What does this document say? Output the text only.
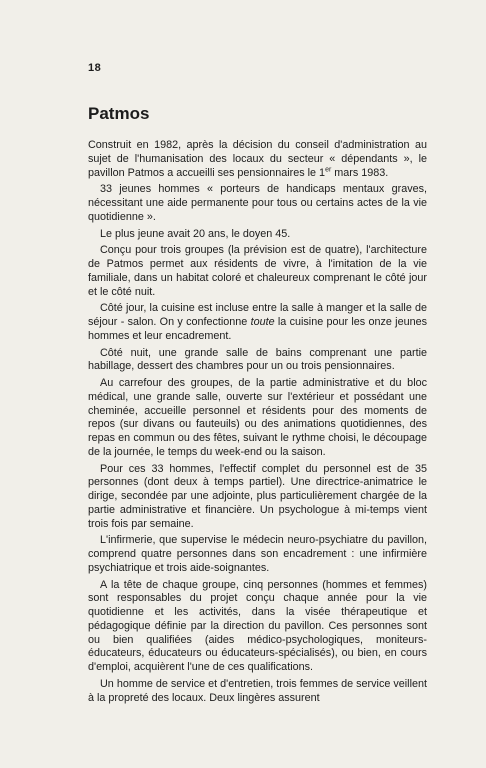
18
Patmos

Construit en 1982, après la décision du conseil d'administration au sujet de l'humanisation des locaux du secteur « dépendants », le pavillon Patmos a accueilli ses pensionnaires le 1er mars 1983.

33 jeunes hommes « porteurs de handicaps mentaux graves, nécessitant une aide permanente pour tous ou certains actes de la vie quotidienne ».

Le plus jeune avait 20 ans, le doyen 45.

Conçu pour trois groupes (la prévision est de quatre), l'architecture de Patmos permet aux résidents de vivre, à l'imitation de la vie familiale, dans un habitat coloré et chaleureux comprenant le côté jour et le côté nuit.

Côté jour, la cuisine est incluse entre la salle à manger et la salle de séjour - salon. On y confectionne toute la cuisine pour les onze jeunes hommes et leur encadrement.

Côté nuit, une grande salle de bains comprenant une partie habillage, dessert des chambres pour un ou trois pensionnaires.

Au carrefour des groupes, de la partie administrative et du bloc médical, une grande salle, ouverte sur l'extérieur et possédant une cheminée, accueille personnel et résidents pour des moments de repos (sur divans ou fauteuils) ou des animations quotidiennes, des repas en commun ou des fêtes, suivant le rythme choisi, le découpage de la journée, le temps du week-end ou la saison.

Pour ces 33 hommes, l'effectif complet du personnel est de 35 personnes (dont deux à temps partiel). Une directrice-animatrice le dirige, secondée par une adjointe, plus particulièrement chargée de la partie administrative et financière. Un psychologue à mi-temps vient trois fois par semaine.

L'infirmerie, que supervise le médecin neuro-psychiatre du pavillon, comprend quatre personnes dans son encadrement : une infirmière psychiatrique et trois aide-soignantes.

A la tête de chaque groupe, cinq personnes (hommes et femmes) sont responsables du projet conçu chaque année pour la vie quotidienne et les activités, dans la visée thérapeutique et pédagogique définie par la direction du pavillon. Ces personnes sont ou bien qualifiées (aides médico-psychologiques, moniteurs-éducateurs, éducateurs ou éducateurs-spécialisés), ou bien, en cours d'emploi, acquièrent l'une de ces qualifications.

Un homme de service et d'entretien, trois femmes de service veillent à la propreté des locaux. Deux lingères assurent
